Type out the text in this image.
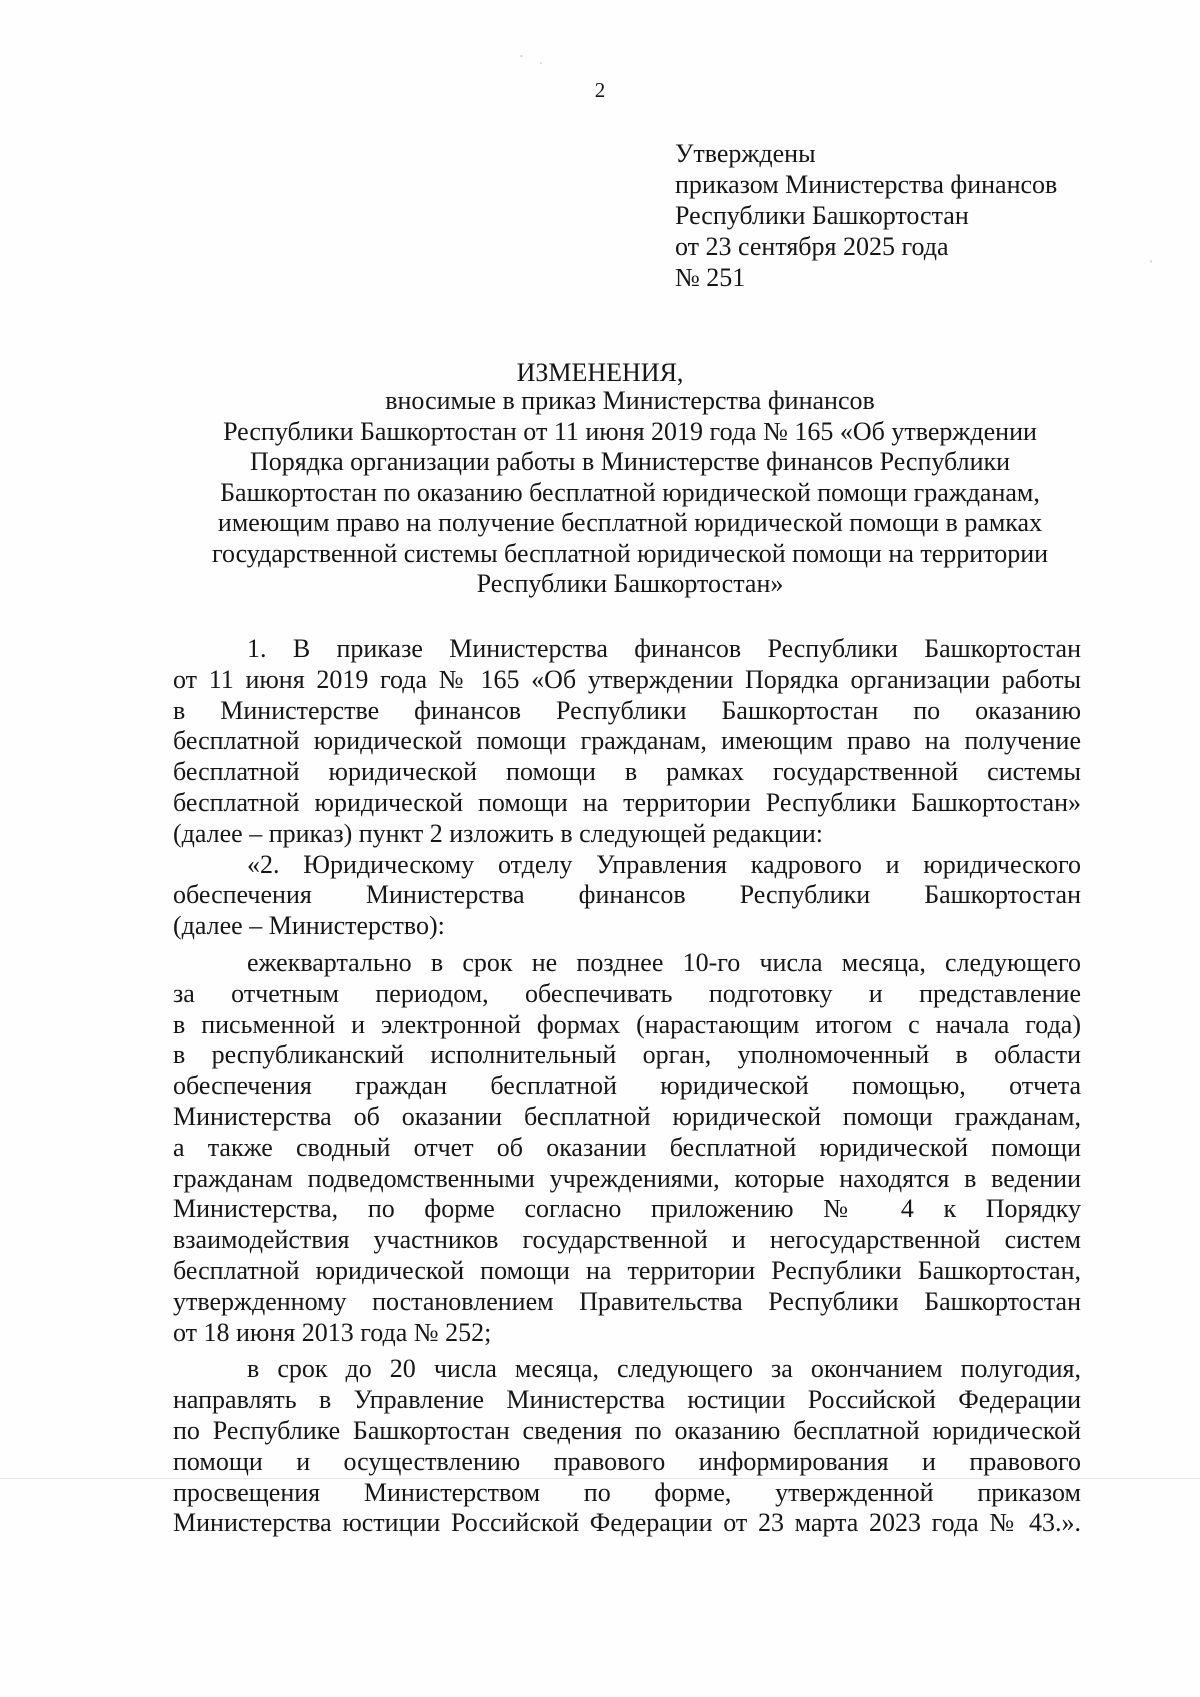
2
Утверждены
приказом Министерства финансов
Республики Башкортостан
от 23 сентября 2025 года
№ 251
ИЗМЕНЕНИЯ,
вносимые в приказ Министерства финансов
Республики Башкортостан от 11 июня 2019 года № 165 «Об утверждении
Порядка организации работы в Министерстве финансов Республики
Башкортостан по оказанию бесплатной юридической помощи гражданам,
имеющим право на получение бесплатной юридической помощи в рамках
государственной системы бесплатной юридической помощи на территории
Республики Башкортостан»
1. В приказе Министерства финансов Республики Башкортостан
от 11 июня 2019 года № 165 «Об утверждении Порядка организации работы
в Министерстве финансов Республики Башкортостан по оказанию
бесплатной юридической помощи гражданам, имеющим право на получение
бесплатной юридической помощи в рамках государственной системы
бесплатной юридической помощи на территории Республики Башкортостан»
(далее – приказ) пункт 2 изложить в следующей редакции:
«2. Юридическому отделу Управления кадрового и юридического
обеспечения Министерства финансов Республики Башкортостан
(далее – Министерство):
ежеквартально в срок не позднее 10-го числа месяца, следующего
за отчетным периодом, обеспечивать подготовку и представление
в письменной и электронной формах (нарастающим итогом с начала года)
в республиканский исполнительный орган, уполномоченный в области
обеспечения граждан бесплатной юридической помощью, отчета
Министерства об оказании бесплатной юридической помощи гражданам,
а также сводный отчет об оказании бесплатной юридической помощи
гражданам подведомственными учреждениями, которые находятся в ведении
Министерства, по форме согласно приложению № 4 к Порядку
взаимодействия участников государственной и негосударственной систем
бесплатной юридической помощи на территории Республики Башкортостан,
утвержденному постановлением Правительства Республики Башкортостан
от 18 июня 2013 года № 252;
в срок до 20 числа месяца, следующего за окончанием полугодия,
направлять в Управление Министерства юстиции Российской Федерации
по Республике Башкортостан сведения по оказанию бесплатной юридической
помощи и осуществлению правового информирования и правового
просвещения Министерством по форме, утвержденной приказом
Министерства юстиции Российской Федерации от 23 марта 2023 года № 43.».
